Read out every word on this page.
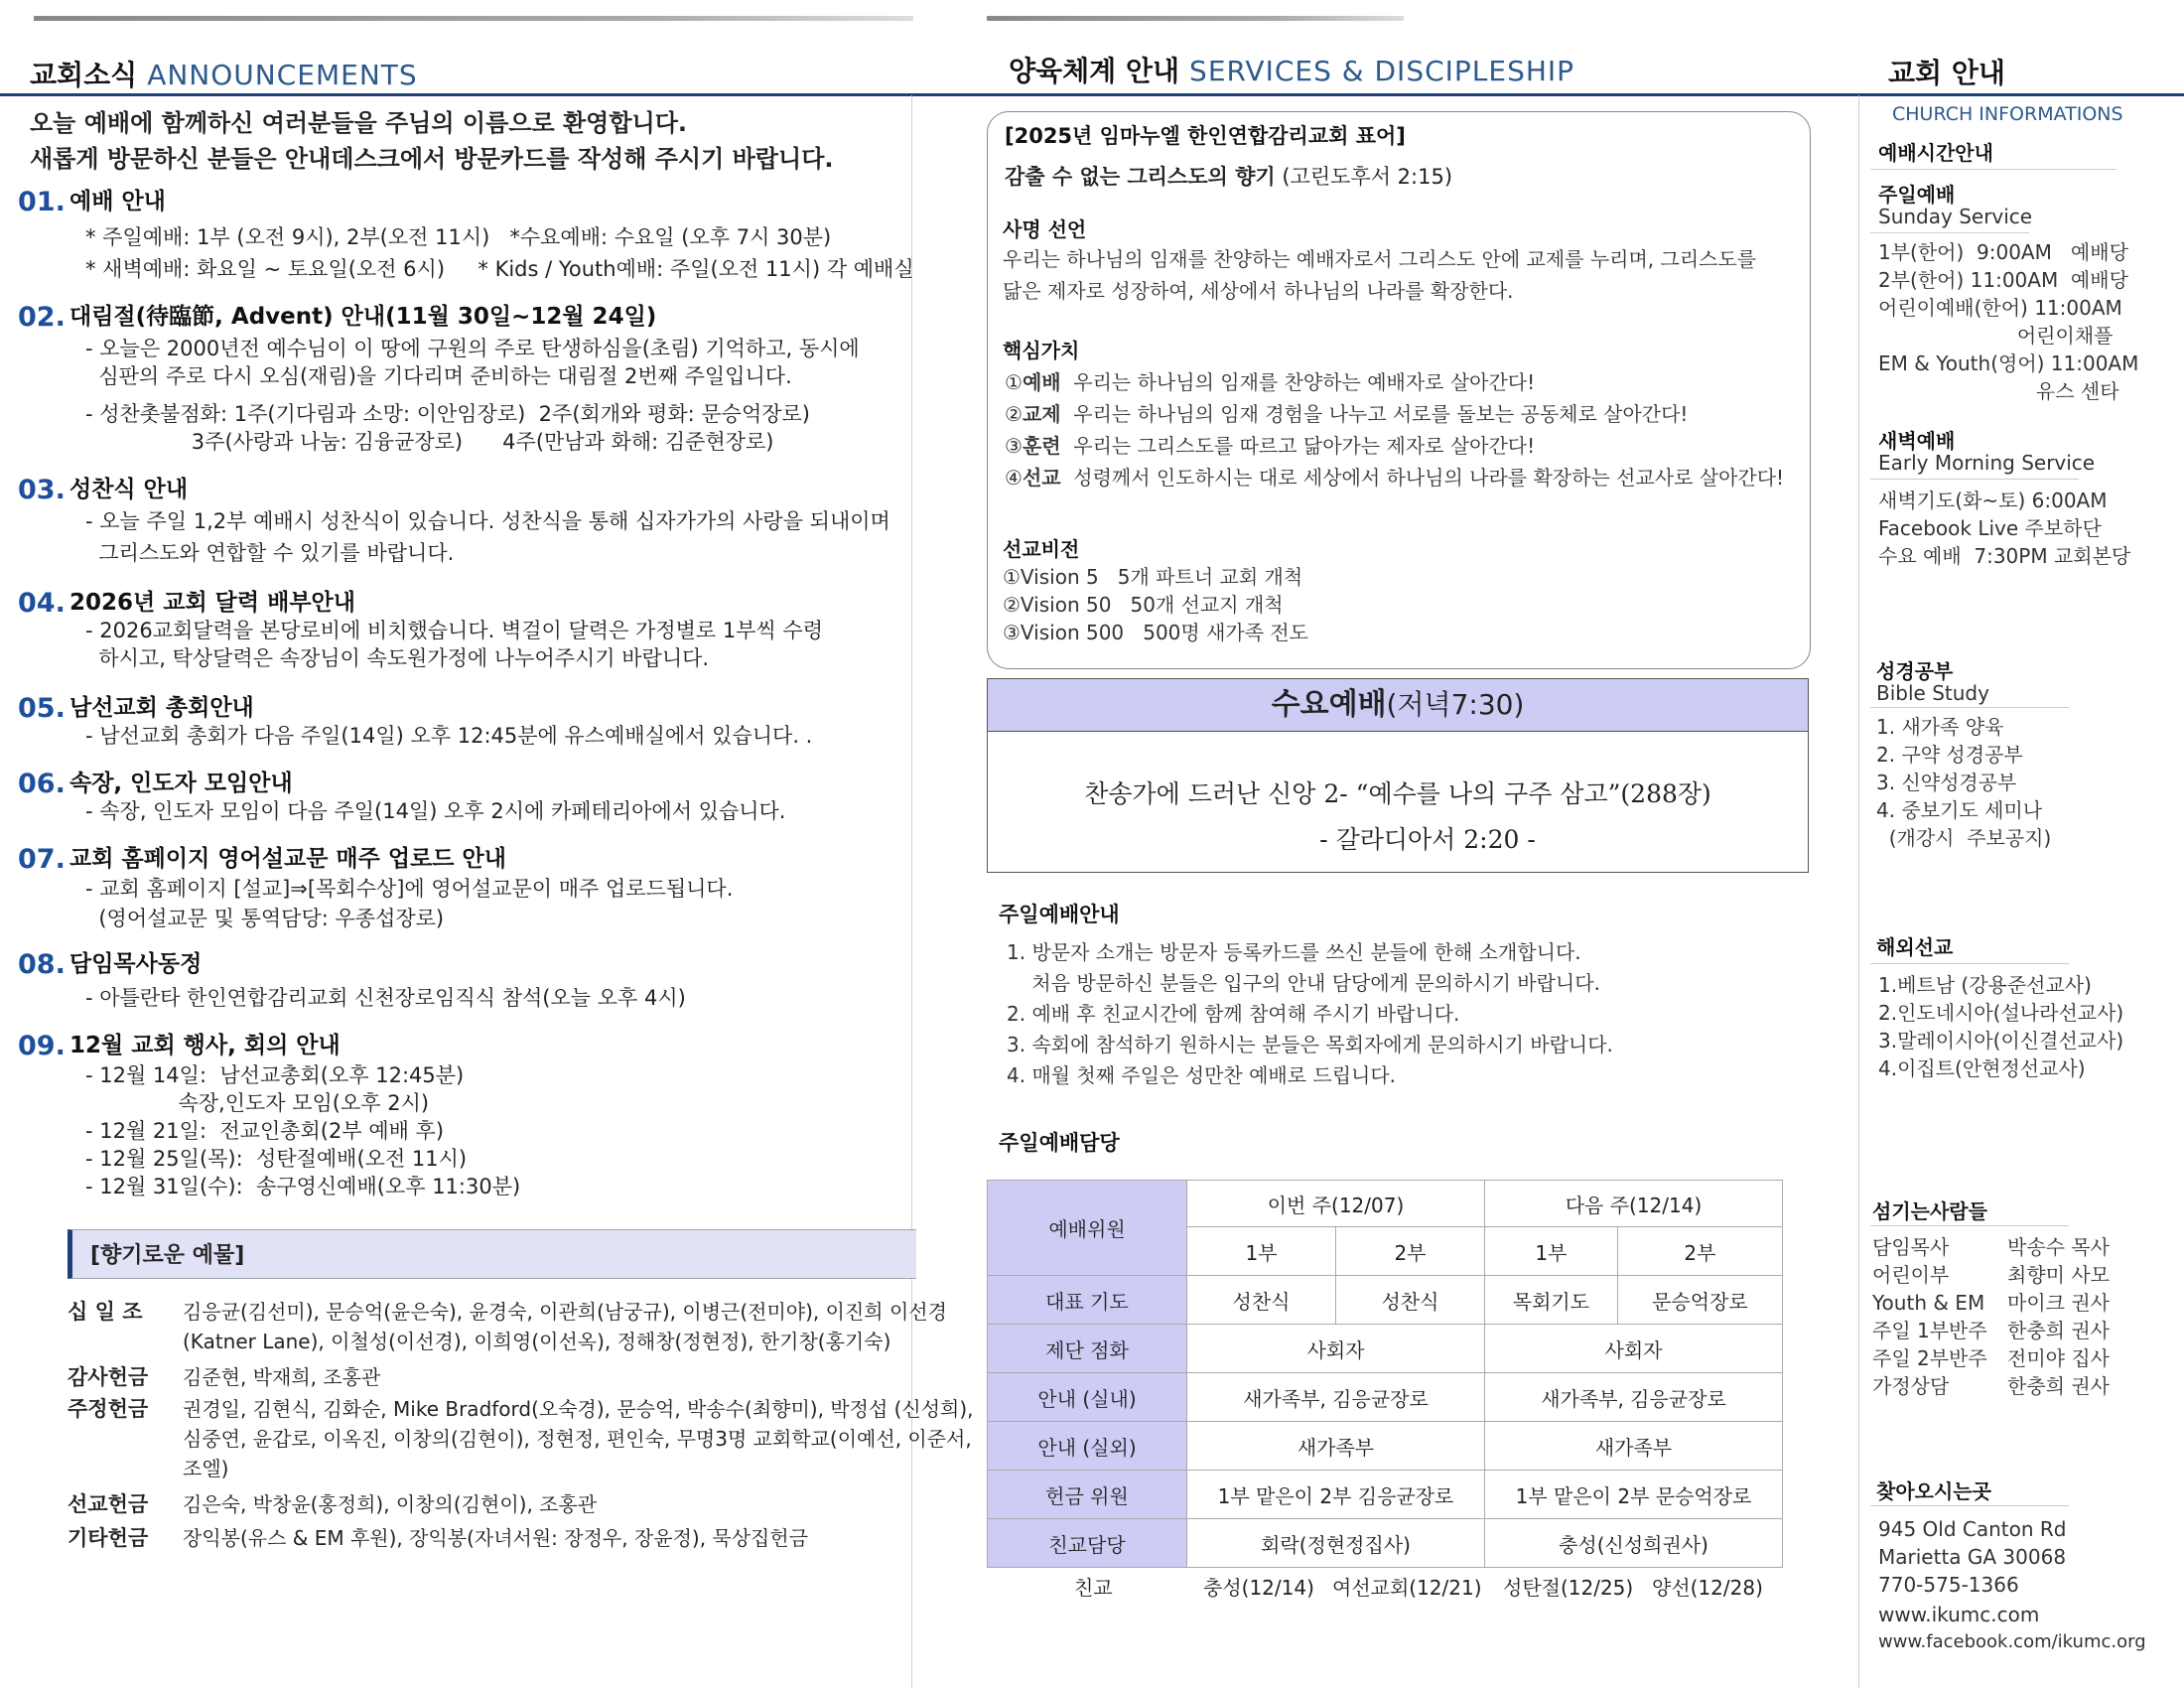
교회소식 ANNOUNCEMENTS	양육체계 안내 SERVICES & DISCIPLESHIP	교회 안내
CHURCH INFORMATIONS
오늘 예배에 함께하신 여러분들을 주님의 이름으로 환영합니다.
새롭게 방문하신 분들은 안내데스크에서 방문카드를 작성해 주시기 바랍니다.
01. 예배 안내
* 주일예배: 1부 (오전 9시), 2부(오전 11시)   *수요예배: 수요일 (오후 7시 30분)
* 새벽예배: 화요일 ~ 토요일(오전 6시)     * Kids / Youth예배: 주일(오전 11시) 각 예배실
02. 대림절(待臨節, Advent) 안내(11월 30일~12월 24일)
- 오늘은 2000년전 예수님이 이 땅에 구원의 주로 탄생하심을(초림) 기억하고, 동시에
심판의 주로 다시 오심(재림)을 기다리며 준비하는 대림절 2번째 주일입니다.
- 성찬촛불점화: 1주(기다림과 소망: 이안임장로)  2주(회개와 평화: 문승억장로)
3주(사랑과 나눔: 김융균장로)      4주(만남과 화해: 김준현장로)
03. 성찬식 안내
- 오늘 주일 1,2부 예배시 성찬식이 있습니다. 성찬식을 통해 십자가가의 사랑을 되내이며
그리스도와 연합할 수 있기를 바랍니다.
04. 2026년 교회 달력 배부안내
- 2026교회달력을 본당로비에 비치했습니다. 벽걸이 달력은 가정별로 1부씩 수령
하시고, 탁상달력은 속장님이 속도원가정에 나누어주시기 바랍니다.
05. 남선교회 총회안내
- 남선교회 총회가 다음 주일(14일) 오후 12:45분에 유스예배실에서 있습니다. .
06. 속장, 인도자 모임안내
- 속장, 인도자 모임이 다음 주일(14일) 오후 2시에 카페테리아에서 있습니다.
07. 교회 홈페이지 영어설교문 매주 업로드 안내
- 교회 홈페이지 [설교]⇒[목회수상]에 영어설교문이 매주 업로드됩니다.
(영어설교문 및 통역담당: 우종섭장로)
08. 담임목사동정
- 아틀란타 한인연합감리교회 신천장로임직식 참석(오늘 오후 4시)
09. 12월 교회 행사, 회의 안내
- 12월 14일:  남선교총회(오후 12:45분)
속장,인도자 모임(오후 2시)
- 12월 21일:  전교인총회(2부 예배 후)
- 12월 25일(목):  성탄절예배(오전 11시)
- 12월 31일(수):  송구영신예배(오후 11:30분)
[향기로운 예물]
십 일 조 김응균(김선미), 문승억(윤은숙), 윤경숙, 이관희(남궁규), 이병근(전미야), 이진희 이선경(Katner Lane), 이철성(이선경), 이희영(이선옥), 정해창(정현정), 한기창(홍기숙)
감사헌금 김준현, 박재희, 조홍관
주정헌금 권경일, 김현식, 김화순, Mike Bradford(오숙경), 문승억, 박송수(최향미), 박정섭 (신성희), 심중연, 윤갑로, 이옥진, 이창의(김현이), 정현정, 편인숙, 무명3명 교회학교(이예선, 이준서, 조엘)
선교헌금 김은숙, 박창윤(홍정희), 이창의(김현이), 조홍관
기타헌금 장익봉(유스 & EM 후원), 장익봉(자녀서원: 장정우, 장윤정), 묵상집헌금
[2025년 임마누엘 한인연합감리교회 표어]
감출 수 없는 그리스도의 향기 (고린도후서 2:15)
사명 선언
우리는 하나님의 임재를 찬양하는 예배자로서 그리스도 안에 교제를 누리며, 그리스도를
닮은 제자로 성장하여, 세상에서 하나님의 나라를 확장한다.
핵심가치
①예배 우리는 하나님의 임재를 찬양하는 예배자로 살아간다!
②교제 우리는 하나님의 임재 경험을 나누고 서로를 돌보는 공동체로 살아간다!
③훈련 우리는 그리스도를 따르고 닮아가는 제자로 살아간다!
④선교 성령께서 인도하시는 대로 세상에서 하나님의 나라를 확장하는 선교사로 살아간다!
선교비전
①Vision 5 5개 파트너 교회 개척
②Vision 50 50개 선교지 개척
③Vision 500 500명 새가족 전도
수요예배(저녁7:30)
찬송가에 드러난 신앙 2- “예수를 나의 구주 삼고”(288장)
- 갈라디아서 2:20 -
주일예배안내
1. 방문자 소개는 방문자 등록카드를 쓰신 분들에 한해 소개합니다.
처음 방문하신 분들은 입구의 안내 담당에게 문의하시기 바랍니다.
2. 예배 후 친교시간에 함께 참여해 주시기 바랍니다.
3. 속회에 참석하기 원하시는 분들은 목회자에게 문의하시기 바랍니다.
4. 매월 첫째 주일은 성만찬 예배로 드립니다.
주일예배담당
예배위원	이번 주(12/07)		다음 주(12/14)	
	1부	2부	1부	2부
대표 기도	성찬식	성찬식	목회기도	문승억장로
제단 점화	사회자		사회자	
안내 (실내)	새가족부, 김응균장로		새가족부, 김응균장로	
안내 (실외)	새가족부		새가족부	
헌금 위원	1부 맡은이 2부 김응균장로		1부 맡은이 2부 문승억장로	
친교담당	회락(정현정집사)		충성(신성희권사)	
친교	충성(12/14) 여선교회(12/21) 성탄절(12/25) 양선(12/28)
예배시간안내
주일예배
Sunday Service
1부(한어)  9:00AM   예배당
2부(한어) 11:00AM  예배당
어린이예배(한어) 11:00AM
어린이채플
EM & Youth(영어) 11:00AM
유스 센타
새벽예배
Early Morning Service
새벽기도(화~토) 6:00AM
Facebook Live 주보하단
수요 예배  7:30PM 교회본당
성경공부
Bible Study
1. 새가족 양육
2. 구약 성경공부
3. 신약성경공부
4. 중보기도 세미나
(개강시  주보공지)
해외선교
1.베트남 (강용준선교사)
2.인도네시아(설나라선교사)
3.말레이시아(이신결선교사)
4.이집트(안현정선교사)
섬기는사람들
담임목사	박송수 목사
어린이부	최향미 사모
Youth & EM 마이크 권사
주일 1부반주 한충희 권사
주일 2부반주 전미야 집사
가정상담	한충희 권사
찾아오시는곳
945 Old Canton Rd
Marietta GA 30068
770-575-1366
www.ikumc.com
www.facebook.com/ikumc.org
